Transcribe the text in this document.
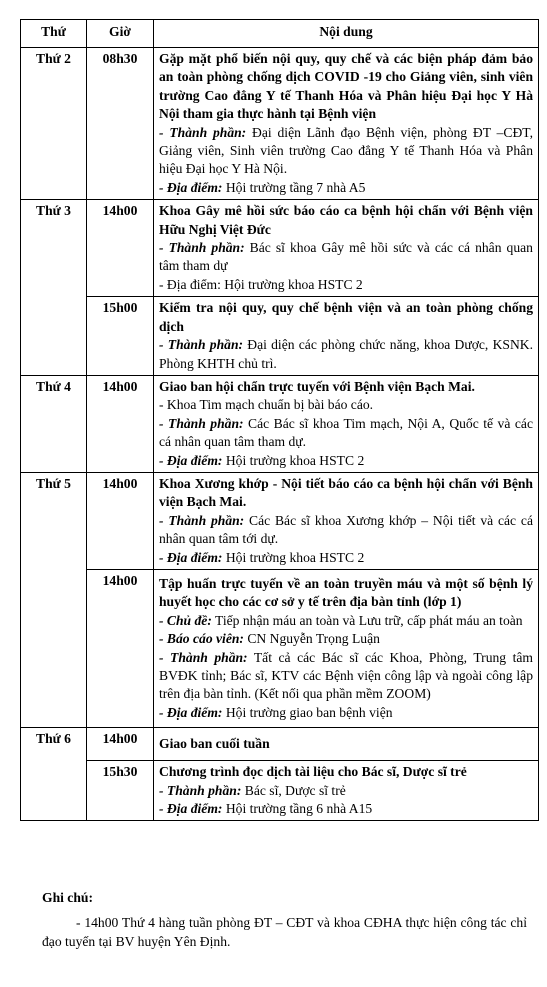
Thứ	Giờ	Nội dung
Thứ 2	08h30	Gặp mặt phổ biến nội quy, quy chế và các biện pháp đảm bảo an toàn phòng chống dịch COVID -19 cho Giảng viên, sinh viên trường Cao đẳng Y tế Thanh Hóa và Phân hiệu Đại học Y Hà Nội tham gia thực hành tại Bệnh viện
- Thành phần: Đại diện Lãnh đạo Bệnh viện, phòng ĐT –CĐT, Giảng viên, Sinh viên trường Cao đẳng Y tế Thanh Hóa và Phân hiệu Đại học Y Hà Nội.
- Địa điểm: Hội trường tầng 7 nhà A5

Thứ 3	14h00	Khoa Gây mê hồi sức báo cáo ca bệnh hội chẩn với Bệnh viện Hữu Nghị Việt Đức
- Thành phần: Bác sĩ khoa Gây mê hồi sức và các cá nhân quan tâm tham dự
- Địa điểm: Hội trường khoa HSTC 2

	15h00	Kiểm tra nội quy, quy chế bệnh viện và an toàn phòng chống dịch
- Thành phần: Đại diện các phòng chức năng, khoa Dược, KSNK. Phòng KHTH chủ trì.

Thứ 4	14h00	Giao ban hội chẩn trực tuyến với Bệnh viện Bạch Mai.
- Khoa Tim mạch chuẩn bị bài báo cáo.
- Thành phần: Các Bác sĩ khoa Tim mạch, Nội A, Quốc tế và các cá nhân quan tâm tham dự.
- Địa điểm: Hội trường khoa HSTC 2

Thứ 5	14h00	Khoa Xương khớp - Nội tiết báo cáo ca bệnh hội chẩn với Bệnh viện Bạch Mai.
- Thành phần: Các Bác sĩ khoa Xương khớp – Nội tiết và các cá nhân quan tâm tới dự.
- Địa điểm: Hội trường khoa HSTC 2

	14h00	Tập huấn trực tuyến về an toàn truyền máu và một số bệnh lý huyết học cho các cơ sở y tế trên địa bàn tỉnh (lớp 1)
- Chủ đề: Tiếp nhận máu an toàn và Lưu trữ, cấp phát máu an toàn
- Báo cáo viên: CN Nguyễn Trọng Luận
- Thành phần: Tất cả các Bác sĩ các Khoa, Phòng, Trung tâm BVĐK tỉnh; Bác sĩ, KTV các Bệnh viện công lập và ngoài công lập trên địa bàn tỉnh. (Kết nối qua phần mềm ZOOM)
- Địa điểm: Hội trường giao ban bệnh viện

Thứ 6	14h00	Giao ban cuối tuần

	15h30	Chương trình đọc dịch tài liệu cho Bác sĩ, Dược sĩ trẻ
- Thành phần: Bác sĩ, Dược sĩ trẻ
- Địa điểm: Hội trường tầng 6 nhà A15
Ghi chú:
- 14h00 Thứ 4 hàng tuần phòng ĐT – CĐT và khoa CĐHA thực hiện công tác chỉ đạo tuyến tại BV huyện Yên Định.
